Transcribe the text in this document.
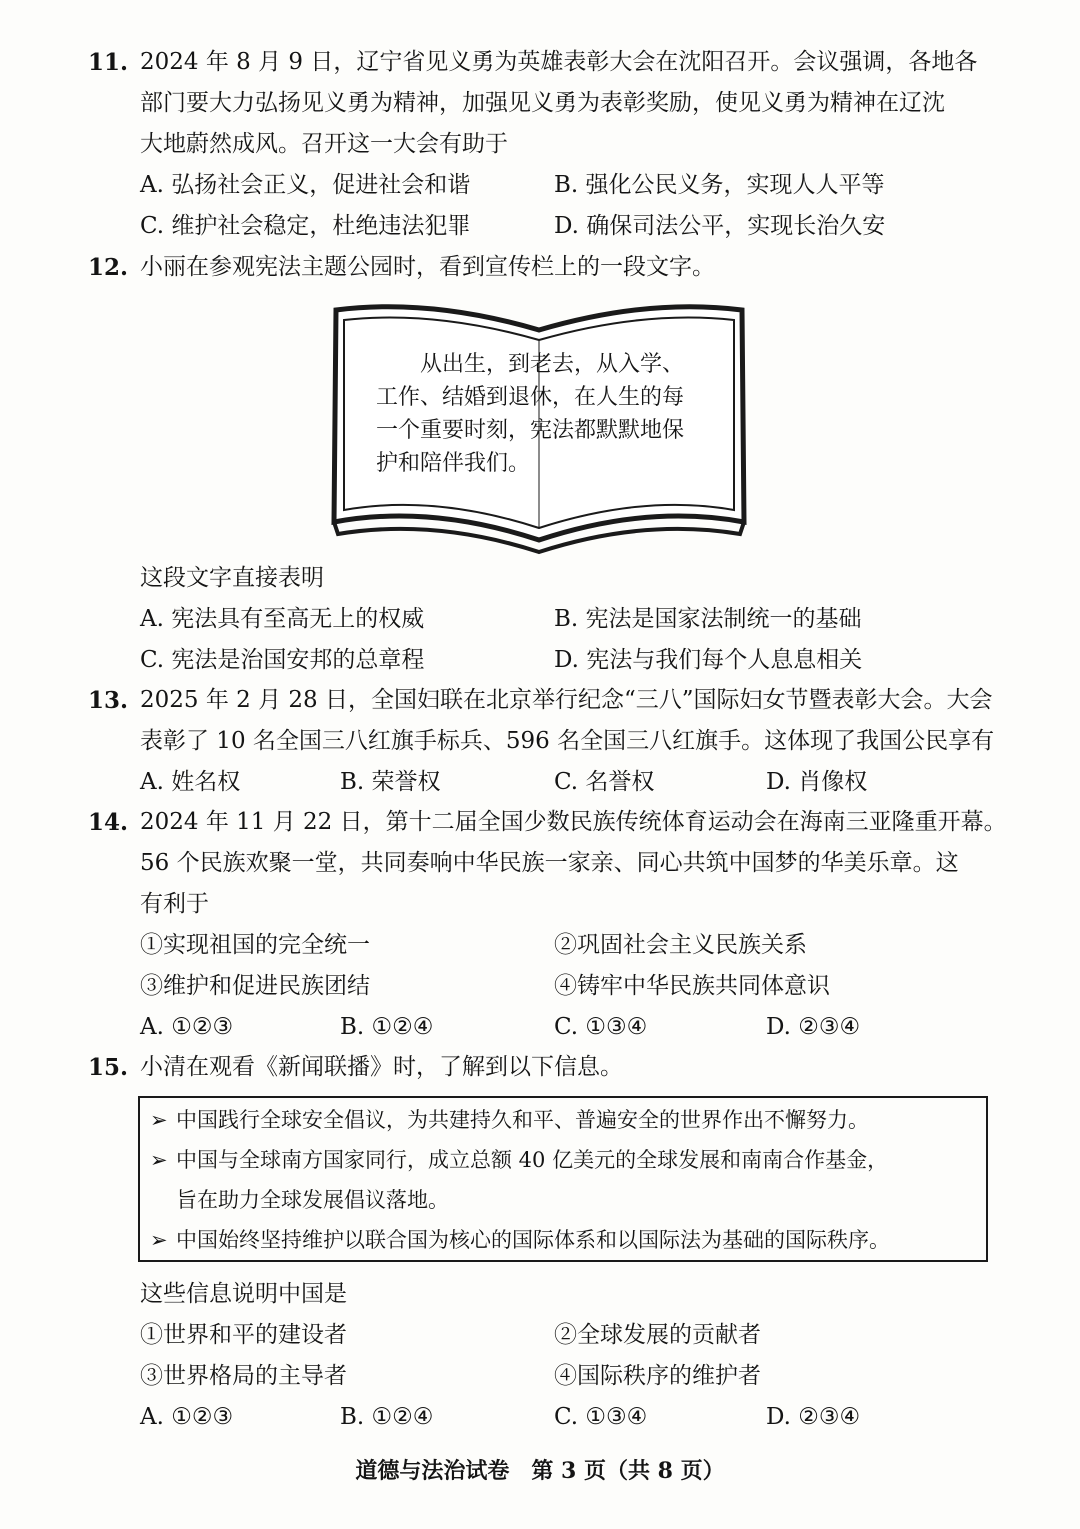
11. 2024 年 8 月 9 日，辽宁省见义勇为英雄表彰大会在沈阳召开。会议强调，各地各
部门要大力弘扬见义勇为精神，加强见义勇为表彰奖励，使见义勇为精神在辽沈
大地蔚然成风。召开这一大会有助于
A. 弘扬社会正义，促进社会和谐	B. 强化公民义务，实现人人平等
C. 维护社会稳定，杜绝违法犯罪	D. 确保司法公平，实现长治久安
12. 小丽在参观宪法主题公园时，看到宣传栏上的一段文字。
　　从出生，到老去，从入学、
工作、结婚到退休，在人生的每
一个重要时刻，宪法都默默地保
护和陪伴我们。
这段文字直接表明
A. 宪法具有至高无上的权威	B. 宪法是国家法制统一的基础
C. 宪法是治国安邦的总章程	D. 宪法与我们每个人息息相关
13. 2025 年 2 月 28 日，全国妇联在北京举行纪念“三八”国际妇女节暨表彰大会。大会
表彰了 10 名全国三八红旗手标兵、596 名全国三八红旗手。这体现了我国公民享有
A. 姓名权	B. 荣誉权	C. 名誉权	D. 肖像权
14. 2024 年 11 月 22 日，第十二届全国少数民族传统体育运动会在海南三亚隆重开幕。
56 个民族欢聚一堂，共同奏响中华民族一家亲、同心共筑中国梦的华美乐章。这
有利于
①实现祖国的完全统一	②巩固社会主义民族关系
③维护和促进民族团结	④铸牢中华民族共同体意识
A. ①②③	B. ①②④	C. ①③④	D. ②③④
15. 小清在观看《新闻联播》时，了解到以下信息。
➢ 中国践行全球安全倡议，为共建持久和平、普遍安全的世界作出不懈努力。
➢ 中国与全球南方国家同行，成立总额 40 亿美元的全球发展和南南合作基金，
旨在助力全球发展倡议落地。
➢ 中国始终坚持维护以联合国为核心的国际体系和以国际法为基础的国际秩序。
这些信息说明中国是
①世界和平的建设者	②全球发展的贡献者
③世界格局的主导者	④国际秩序的维护者
A. ①②③	B. ①②④	C. ①③④	D. ②③④
道德与法治试卷　第 3 页（共 8 页）
